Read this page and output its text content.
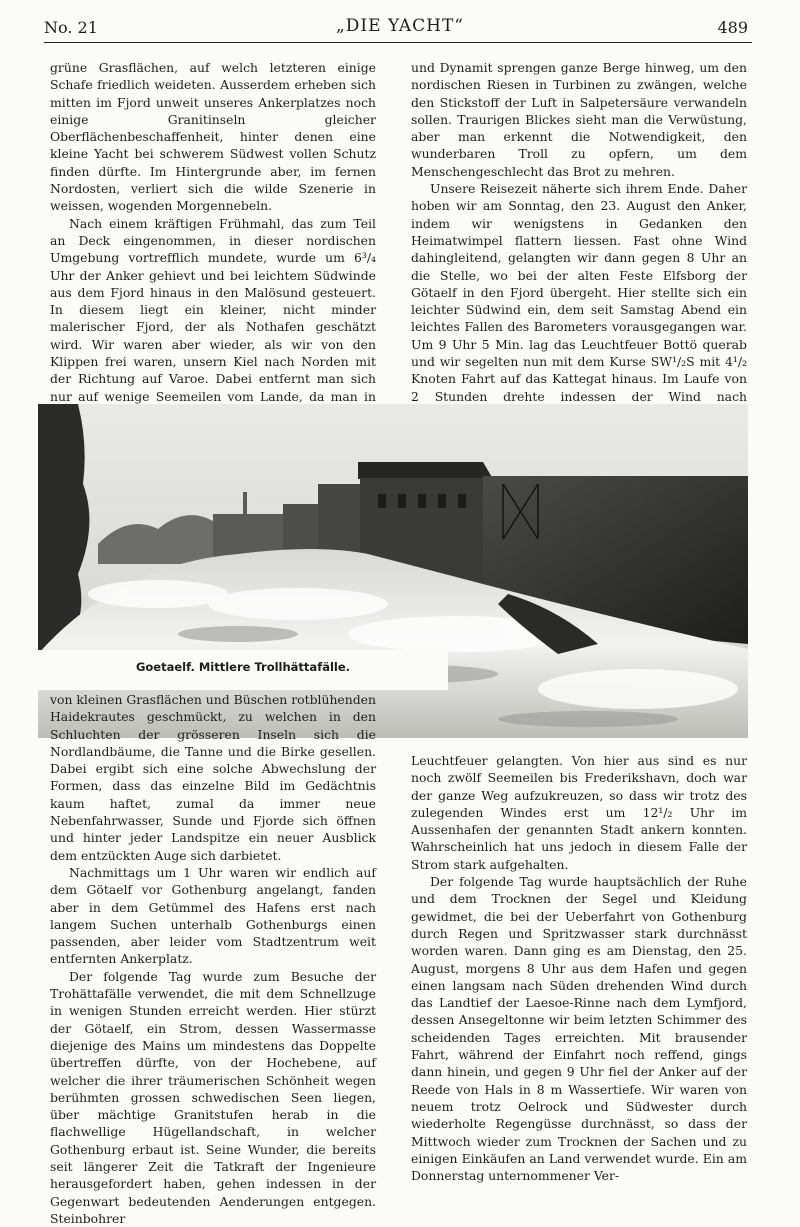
No. 21	„DIE YACHT“	489

grüne Grasflächen, auf welch letzteren einige Schafe friedlich weideten. Ausserdem erheben sich mitten im Fjord unweit unseres Ankerplatzes noch einige Granitinseln gleicher Oberflächenbeschaffenheit, hinter denen eine kleine Yacht bei schwerem Südwest vollen Schutz finden dürfte. Im Hintergrunde aber, im fernen Nordosten, verliert sich die wilde Szenerie in weissen, wogenden Morgennebeln.

Nach einem kräftigen Frühmahl, das zum Teil an Deck eingenommen, in dieser nordischen Umgebung vortrefflich mundete, wurde um 6³/₄ Uhr der Anker gehievt und bei leichtem Südwinde aus dem Fjord hinaus in den Malösund gesteuert. In diesem liegt ein kleiner, nicht minder malerischer Fjord, der als Nothafen geschätzt wird. Wir waren aber wieder, als wir von den Klippen frei waren, unsern Kiel nach Norden mit der Richtung auf Varoe. Dabei entfernt man sich nur auf wenige Seemeilen vom Lande, da man in

und Dynamit sprengen ganze Berge hinweg, um den nordischen Riesen in Turbinen zu zwängen, welche den Stickstoff der Luft in Salpetersäure verwandeln sollen. Traurigen Blickes sieht man die Verwüstung, aber man erkennt die Notwendigkeit, den wunderbaren Troll zu opfern, um dem Menschengeschlecht das Brot zu mehren.

Unsere Reisezeit näherte sich ihrem Ende. Daher hoben wir am Sonntag, den 23. August den Anker, indem wir wenigstens in Gedanken den Heimatwimpel flattern liessen. Fast ohne Wind dahingleitend, gelangten wir dann gegen 8 Uhr an die Stelle, wo bei der alten Feste Elfsborg der Götaelf in den Fjord übergeht. Hier stellte sich ein leichter Südwind ein, dem seit Samstag Abend ein leichtes Fallen des Barometers vorausgegangen war. Um 9 Uhr 5 Min. lag das Leuchtfeuer Bottö querab und wir segelten nun mit dem Kurse SW¹/₂S mit 4¹/₂ Knoten Fahrt auf das Kattegat hinaus. Im Laufe von 2 Stunden drehte indessen der Wind nach

Goetaelf. Mittlere Trollhättafälle.

von kleinen Grasflächen und Büschen rotblühenden Haidekrautes geschmückt, zu welchen in den Schluchten der grösseren Inseln sich die Nordlandbäume, die Tanne und die Birke gesellen. Dabei ergibt sich eine solche Abwechslung der Formen, dass das einzelne Bild im Gedächtnis kaum haftet, zumal da immer neue Nebenfahrwasser, Sunde und Fjorde sich öffnen und hinter jeder Landspitze ein neuer Ausblick dem entzückten Auge sich darbietet.

Nachmittags um 1 Uhr waren wir endlich auf dem Götaelf vor Gothenburg angelangt, fanden aber in dem Getümmel des Hafens erst nach langem Suchen unterhalb Gothenburgs einen passenden, aber leider vom Stadtzentrum weit entfernten Ankerplatz.

Der folgende Tag wurde zum Besuche der Trohättafälle verwendet, die mit dem Schnellzuge in wenigen Stunden erreicht werden. Hier stürzt der Götaelf, ein Strom, dessen Wassermasse diejenige des Mains um mindestens das Doppelte übertreffen dürfte, von der Hochebene, auf welcher die ihrer träumerischen Schönheit wegen berühmten grossen schwedischen Seen liegen, über mächtige Granitstufen herab in die flachwellige Hügellandschaft, in welcher Gothenburg erbaut ist. Seine Wunder, die bereits seit längerer Zeit die Tatkraft der Ingenieure herausgefordert haben, gehen indessen in der Gegenwart bedeutenden Aenderungen entgegen. Steinbohrer

Leuchtfeuer gelangten. Von hier aus sind es nur noch zwölf Seemeilen bis Frederikshavn, doch war der ganze Weg aufzukreuzen, so dass wir trotz des zulegenden Windes erst um 12¹/₂ Uhr im Aussenhafen der genannten Stadt ankern konnten. Wahrscheinlich hat uns jedoch in diesem Falle der Strom stark aufgehalten.

Der folgende Tag wurde hauptsächlich der Ruhe und dem Trocknen der Segel und Kleidung gewidmet, die bei der Ueberfahrt von Gothenburg durch Regen und Spritzwasser stark durchnässt worden waren. Dann ging es am Dienstag, den 25. August, morgens 8 Uhr aus dem Hafen und gegen einen langsam nach Süden drehenden Wind durch das Landtief der Laesoe-Rinne nach dem Lymfjord, dessen Ansegeltonne wir beim letzten Schimmer des scheidenden Tages erreichten. Mit brausender Fahrt, während der Einfahrt noch reffend, gings dann hinein, und gegen 9 Uhr fiel der Anker auf der Reede von Hals in 8 m Wassertiefe. Wir waren von neuem trotz Oelrock und Südwester durch wiederholte Regengüsse durchnässt, so dass der Mittwoch wieder zum Trocknen der Sachen und zu einigen Einkäufen an Land verwendet wurde. Ein am Donnerstag unternommener Ver-
